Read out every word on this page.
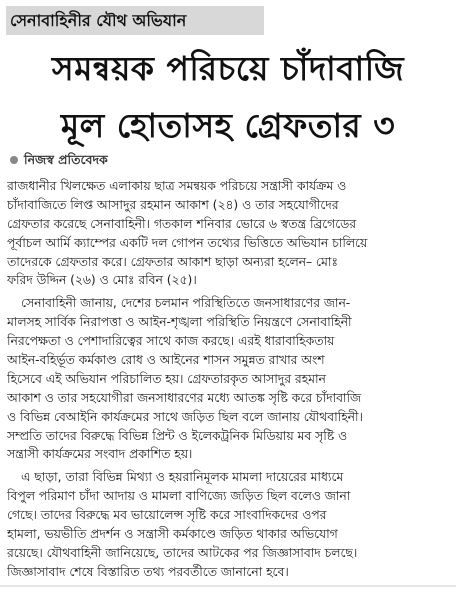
সেনাবাহিনীর যৌথ অভিযান
সমন্বয়ক পরিচয়ে চাঁদাবাজি
মূল হোতাসহ গ্রেফতার ৩
নিজস্ব প্রতিবেদক
রাজধানীর খিলক্ষেত এলাকায় ছাত্র সমন্বয়ক পরিচয়ে সন্ত্রাসী কার্যক্রম ও
চাঁদাবাজিতে লিপ্ত আসাদুর রহমান আকাশ (২৪) ও তার সহযোগীদের
গ্রেফতার করেছে সেনাবাহিনী। গতকাল শনিবার ভোরে ৬ স্বতন্ত্র ব্রিগেডের
পূর্বাচল আর্মি ক্যাম্পের একটি দল গোপন তথ্যের ভিত্তিতে অভিযান চালিয়ে
তাদেরকে গ্রেফতার করে। গ্রেফতার আকাশ ছাড়া অন্যরা হলেন– মোঃ
ফরিদ উদ্দিন (২৬) ও মোঃ রবিন (২৫)।
সেনাবাহিনী জানায়, দেশের চলমান পরিস্থিতিতে জনসাধারণের জান-
মালসহ সার্বিক নিরাপত্তা ও আইন-শৃঙ্খলা পরিস্থিতি নিয়ন্ত্রণে সেনাবাহিনী
নিরপেক্ষতা ও পেশাদারিত্বের সাথে কাজ করছে। এরই ধারাবাহিকতায়
আইন-বহির্ভূত কর্মকাণ্ড রোধ ও আইনের শাসন সমুন্নত রাখার অংশ
হিসেবে এই অভিযান পরিচালিত হয়। গ্রেফতারকৃত আসাদুর রহমান
আকাশ ও তার সহযোগীরা জনসাধারণের মধ্যে আতঙ্ক সৃষ্টি করে চাঁদাবাজি
ও বিভিন্ন বেআইনি কার্যক্রমের সাথে জড়িত ছিল বলে জানায় যৌথবাহিনী।
সম্প্রতি তাদের বিরুদ্ধে বিভিন্ন প্রিন্ট ও ইলেকট্রনিক মিডিয়ায় মব সৃষ্টি ও
সন্ত্রাসী কার্যক্রমের সংবাদ প্রকাশিত হয়।
এ ছাড়া, তারা বিভিন্ন মিথ্যা ও হয়রানিমূলক মামলা দায়েরের মাধ্যমে
বিপুল পরিমাণ চাঁদা আদায় ও মামলা বাণিজ্যে জড়িত ছিল বলেও জানা
গেছে। তাদের বিরুদ্ধে মব ভায়োলেন্স সৃষ্টি করে সাংবাদিকদের ওপর
হামলা, ভয়ভীতি প্রদর্শন ও সন্ত্রাসী কর্মকাণ্ডে জড়িত থাকার অভিযোগ
রয়েছে। যৌথবাহিনী জানিয়েছে, তাদের আটকের পর জিজ্ঞাসাবাদ চলছে।
জিজ্ঞাসাবাদ শেষে বিস্তারিত তথ্য পরবর্তীতে জানানো হবে।
